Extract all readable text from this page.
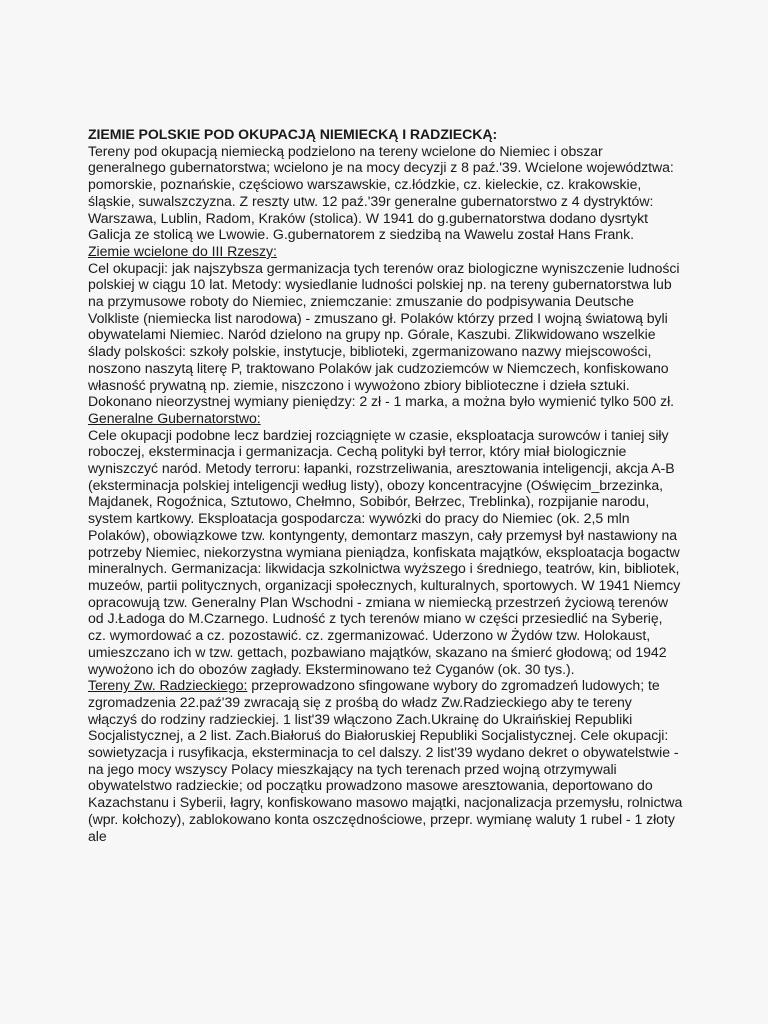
ZIEMIE POLSKIE POD OKUPACJĄ NIEMIECKĄ I RADZIECKĄ:

Tereny pod okupacją niemiecką podzielono na tereny wcielone do Niemiec i obszar generalnego gubernatorstwa; wcielono je na mocy decyzji z 8 paź.'39. Wcielone województwa: pomorskie, poznańskie, częściowo warszawskie, cz.łódzkie, cz. kieleckie, cz. krakowskie, śląskie, suwalszczyzna. Z reszty utw. 12 paź.'39r generalne gubernatorstwo z 4 dystryktów: Warszawa, Lublin, Radom, Kraków (stolica). W 1941 do g.gubernatorstwa dodano dysrtykt Galicja ze stolicą we Lwowie. G.gubernatorem z siedzibą na Wawelu został Hans Frank.

Ziemie wcielone do III Rzeszy:

Cel okupacji: jak najszybsza germanizacja tych terenów oraz biologiczne wyniszczenie ludności polskiej w ciągu 10 lat. Metody: wysiedlanie ludności polskiej np. na tereny gubernatorstwa lub na przymusowe roboty do Niemiec, zniemczanie: zmuszanie do podpisywania Deutsche Volkliste (niemiecka list narodowa) - zmuszano gł. Polaków którzy przed I wojną światową byli obywatelami Niemiec. Naród dzielono na grupy np. Górale, Kaszubi. Zlikwidowano wszelkie ślady polskości: szkoły polskie, instytucje, biblioteki, zgermanizowano nazwy miejscowości, noszono naszytą literę P, traktowano Polaków jak cudzoziemców w Niemczech, konfiskowano własność prywatną np. ziemie, niszczono i wywożono zbiory biblioteczne i dzieła sztuki. Dokonano nieorzystnej wymiany pieniędzy: 2 zł - 1 marka, a można było wymienić tylko 500 zł.

Generalne Gubernatorstwo:

Cele okupacji podobne lecz bardziej rozciągnięte w czasie, eksploatacja surowców i taniej siły roboczej, eksterminacja i germanizacja. Cechą polityki był terror, który miał biologicznie wyniszczyć naród. Metody terroru: łapanki, rozstrzeliwania, aresztowania inteligencji, akcja A-B (eksterminacja polskiej inteligencji według listy), obozy koncentracyjne (Oświęcim_brzezinka, Majdanek, Rogoźnica, Sztutowo, Chełmno, Sobibór, Bełrzec, Treblinka), rozpijanie narodu, system kartkowy. Eksploatacja gospodarcza: wywózki do pracy do Niemiec (ok. 2,5 mln Polaków), obowiązkowe tzw. kontyngenty, demontarz maszyn, cały przemysł był nastawiony na potrzeby Niemiec, niekorzystna wymiana pieniądza, konfiskata majątków, eksploatacja bogactw mineralnych. Germanizacja: likwidacja szkolnictwa wyższego i średniego, teatrów, kin, bibliotek, muzeów, partii politycznych, organizacji społecznych, kulturalnych, sportowych. W 1941 Niemcy opracowują tzw. Generalny Plan Wschodni - zmiana w niemiecką przestrzeń życiową terenów od J.Ładoga do M.Czarnego. Ludność z tych terenów miano w części przesiedlić na Syberię, cz. wymordować a cz. pozostawić. cz. zgermanizować. Uderzono w Żydów tzw. Holokaust, umieszczano ich w tzw. gettach, pozbawiano majątków, skazano na śmierć głodową; od 1942 wywożono ich do obozów zagłady. Eksterminowano też Cyganów (ok. 30 tys.).

Tereny Zw. Radzieckiego: przeprowadzono sfingowane wybory do zgromadzeń ludowych; te zgromadzenia 22.paź'39 zwracają się z prośbą do władz Zw.Radzieckiego aby te tereny włączyś do rodziny radzieckiej. 1 list'39 włączono Zach.Ukrainę do Ukraińskiej Republiki Socjalistycznej, a 2 list. Zach.Białoruś do Białoruskiej Republiki Socjalistycznej. Cele okupacji: sowietyzacja i rusyfikacja, eksterminacja to cel dalszy. 2 list'39 wydano dekret o obywatelstwie - na jego mocy wszyscy Polacy mieszkający na tych terenach przed wojną otrzymywali obywatelstwo radzieckie; od początku prowadzono masowe aresztowania, deportowano do Kazachstanu i Syberii, łagry, konfiskowano masowo majątki, nacjonalizacja przemysłu, rolnictwa (wpr. kołchozy), zablokowano konta oszczędnościowe, przepr. wymianę waluty 1 rubel - 1 złoty ale
